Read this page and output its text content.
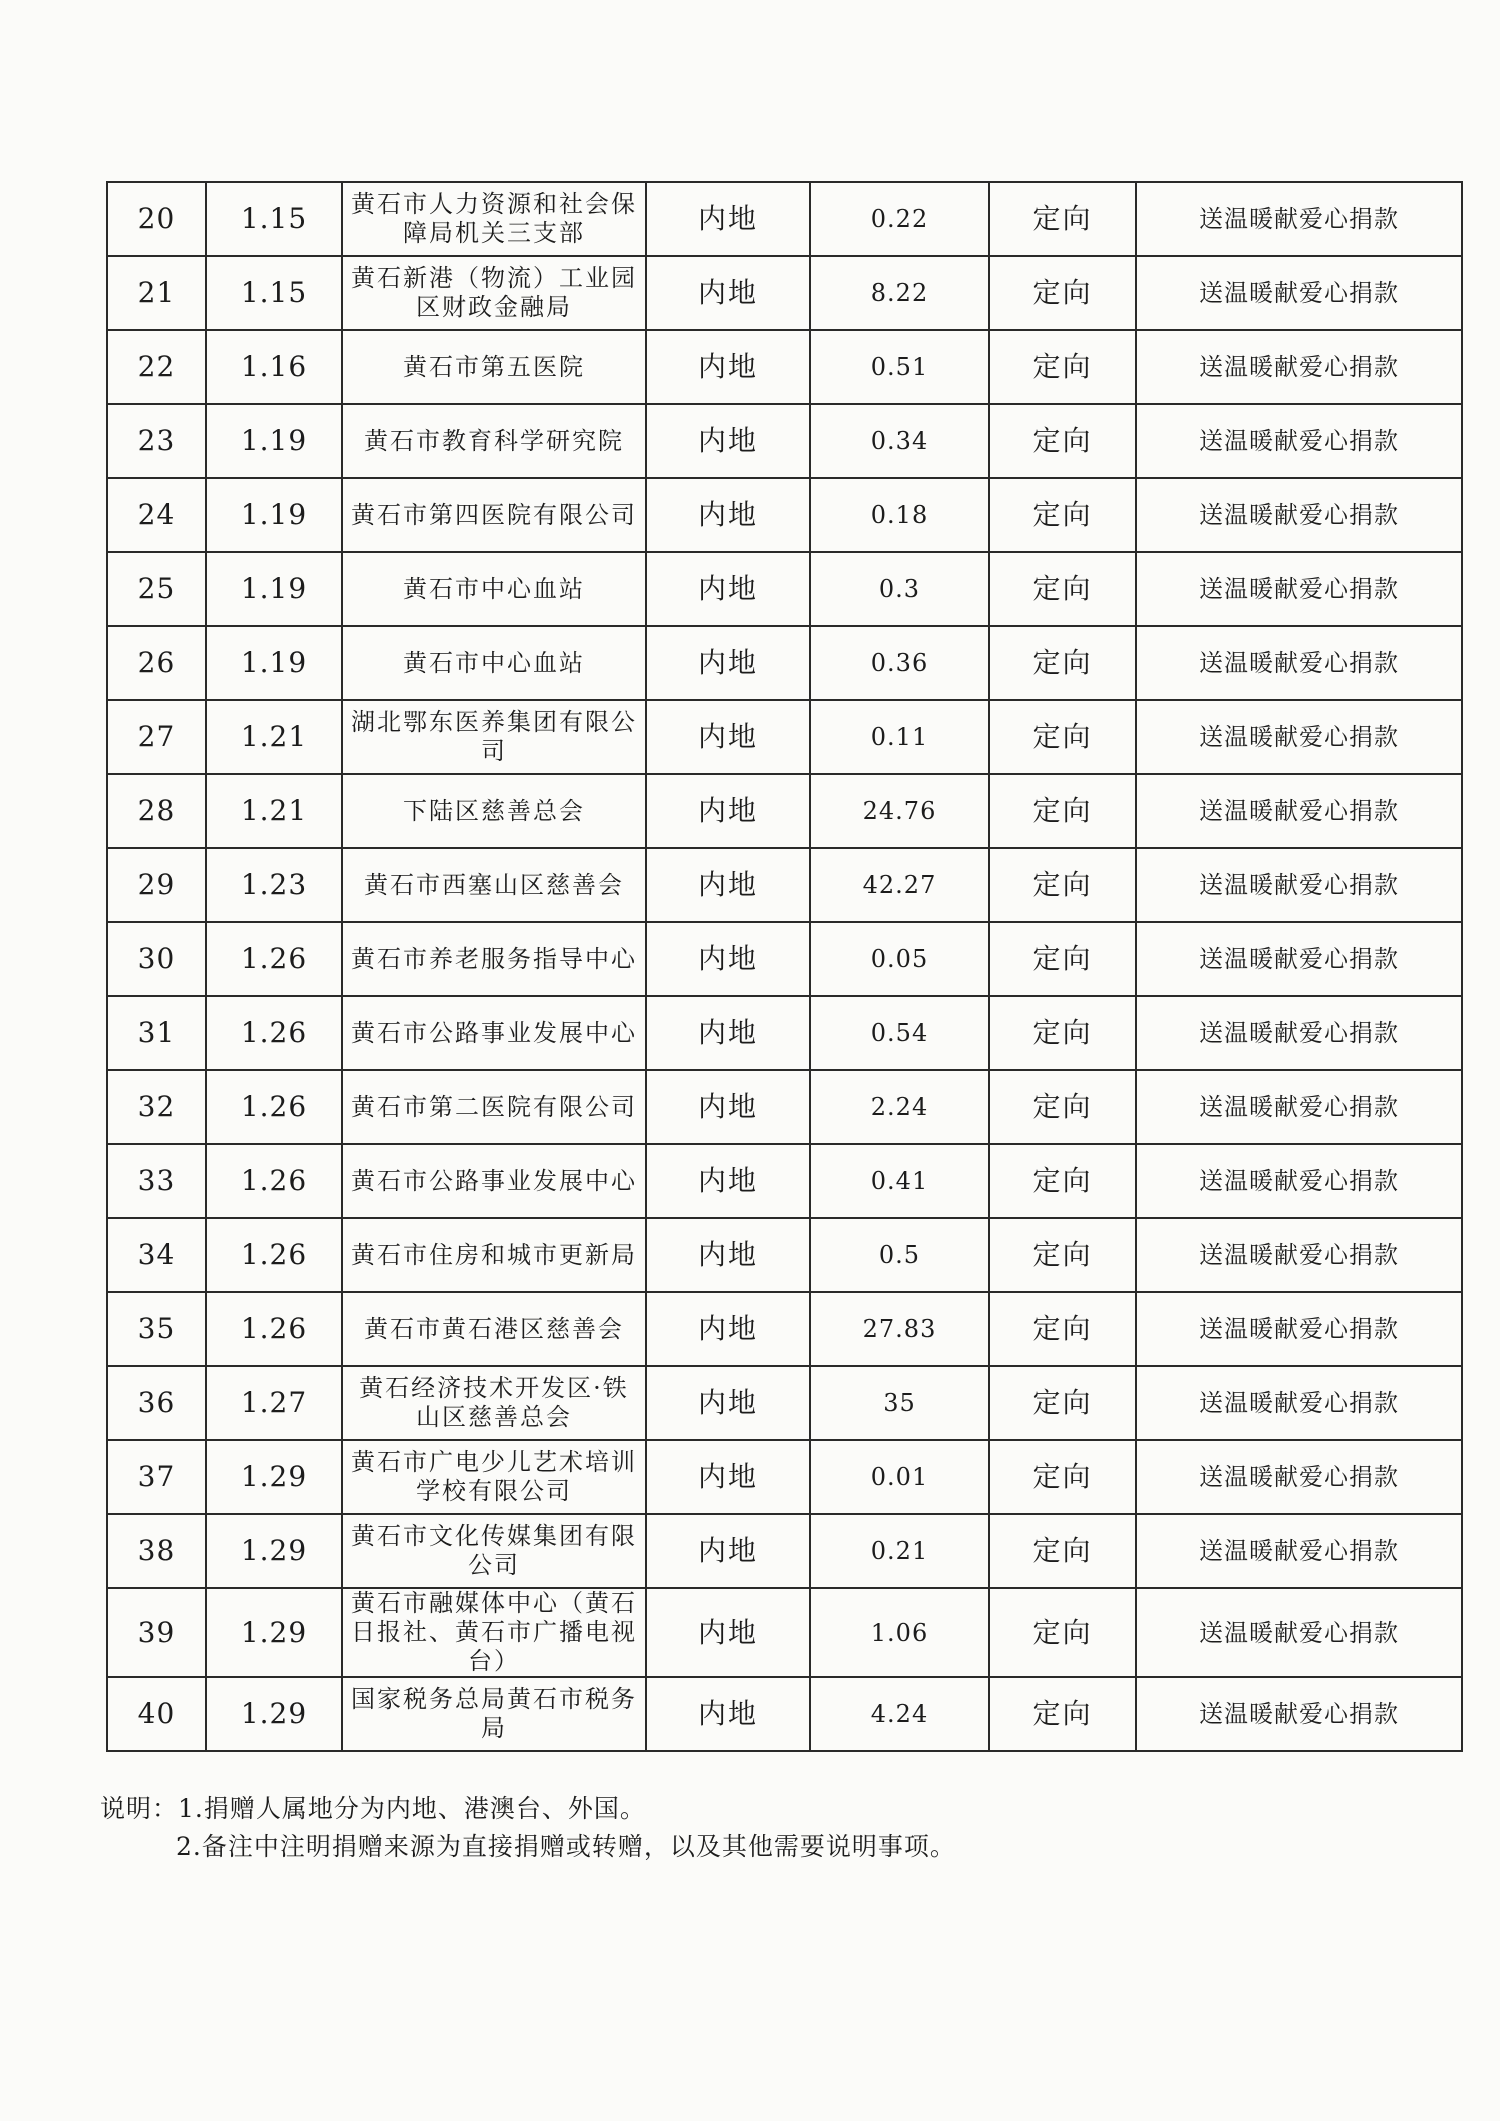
20	1.15	黄石市人力资源和社会保障局机关三支部	内地	0.22	定向	送温暖献爱心捐款
21	1.15	黄石新港（物流）工业园区财政金融局	内地	8.22	定向	送温暖献爱心捐款
22	1.16	黄石市第五医院	内地	0.51	定向	送温暖献爱心捐款
23	1.19	黄石市教育科学研究院	内地	0.34	定向	送温暖献爱心捐款
24	1.19	黄石市第四医院有限公司	内地	0.18	定向	送温暖献爱心捐款
25	1.19	黄石市中心血站	内地	0.3	定向	送温暖献爱心捐款
26	1.19	黄石市中心血站	内地	0.36	定向	送温暖献爱心捐款
27	1.21	湖北鄂东医养集团有限公司	内地	0.11	定向	送温暖献爱心捐款
28	1.21	下陆区慈善总会	内地	24.76	定向	送温暖献爱心捐款
29	1.23	黄石市西塞山区慈善会	内地	42.27	定向	送温暖献爱心捐款
30	1.26	黄石市养老服务指导中心	内地	0.05	定向	送温暖献爱心捐款
31	1.26	黄石市公路事业发展中心	内地	0.54	定向	送温暖献爱心捐款
32	1.26	黄石市第二医院有限公司	内地	2.24	定向	送温暖献爱心捐款
33	1.26	黄石市公路事业发展中心	内地	0.41	定向	送温暖献爱心捐款
34	1.26	黄石市住房和城市更新局	内地	0.5	定向	送温暖献爱心捐款
35	1.26	黄石市黄石港区慈善会	内地	27.83	定向	送温暖献爱心捐款
36	1.27	黄石经济技术开发区·铁山区慈善总会	内地	35	定向	送温暖献爱心捐款
37	1.29	黄石市广电少儿艺术培训学校有限公司	内地	0.01	定向	送温暖献爱心捐款
38	1.29	黄石市文化传媒集团有限公司	内地	0.21	定向	送温暖献爱心捐款
39	1.29	黄石市融媒体中心（黄石日报社、黄石市广播电视台）	内地	1.06	定向	送温暖献爱心捐款
40	1.29	国家税务总局黄石市税务局	内地	4.24	定向	送温暖献爱心捐款
说明：1.捐赠人属地分为内地、港澳台、外国。
2.备注中注明捐赠来源为直接捐赠或转赠，以及其他需要说明事项。
